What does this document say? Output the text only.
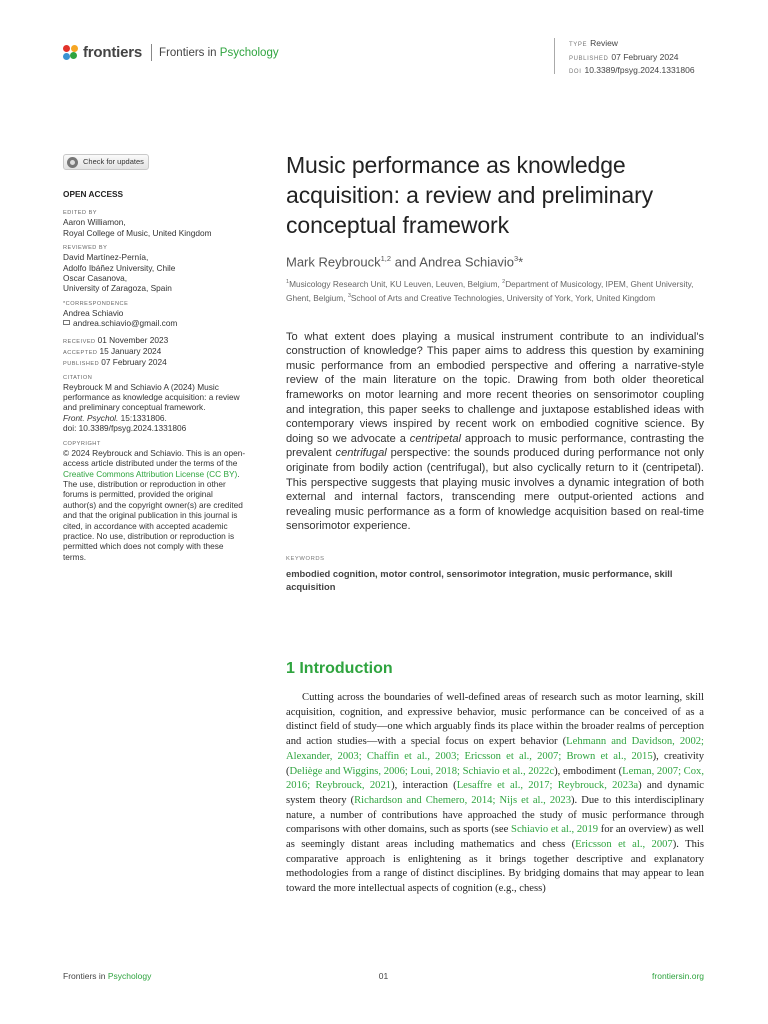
frontiers Frontiers in Psychology
TYPE Review
PUBLISHED 07 February 2024
DOI 10.3389/fpsyg.2024.1331806
Check for updates
OPEN ACCESS
EDITED BY
Aaron Williamon,
Royal College of Music, United Kingdom
REVIEWED BY
David Martínez-Pernía,
Adolfo Ibáñez University, Chile
Oscar Casanova,
University of Zaragoza, Spain
*CORRESPONDENCE
Andrea Schiavio
andrea.schiavio@gmail.com
RECEIVED 01 November 2023
ACCEPTED 15 January 2024
PUBLISHED 07 February 2024
CITATION
Reybrouck M and Schiavio A (2024) Music performance as knowledge acquisition: a review and preliminary conceptual framework.
Front. Psychol. 15:1331806.
doi: 10.3389/fpsyg.2024.1331806
COPYRIGHT
© 2024 Reybrouck and Schiavio. This is an open-access article distributed under the terms of the Creative Commons Attribution License (CC BY). The use, distribution or reproduction in other forums is permitted, provided the original author(s) and the copyright owner(s) are credited and that the original publication in this journal is cited, in accordance with accepted academic practice. No use, distribution or reproduction is permitted which does not comply with these terms.
Music performance as knowledge acquisition: a review and preliminary conceptual framework
Mark Reybrouck$^{1,2}$ and Andrea Schiavio$^3$*
$^1$Musicology Research Unit, KU Leuven, Leuven, Belgium, $^2$Department of Musicology, IPEM, Ghent University, Ghent, Belgium, $^3$School of Arts and Creative Technologies, University of York, York, United Kingdom
To what extent does playing a musical instrument contribute to an individual's construction of knowledge? This paper aims to address this question by examining music performance from an embodied perspective and offering a narrative-style review of the main literature on the topic. Drawing from both older theoretical frameworks on motor learning and more recent theories on sensorimotor coupling and integration, this paper seeks to challenge and juxtapose established ideas with contemporary views inspired by recent work on embodied cognitive science. By doing so we advocate a centripetal approach to music performance, contrasting the prevalent centrifugal perspective: the sounds produced during performance not only originate from bodily action (centrifugal), but also cyclically return to it (centripetal). This perspective suggests that playing music involves a dynamic integration of both external and internal factors, transcending mere output-oriented actions and revealing music performance as a form of knowledge acquisition based on real-time sensorimotor experience.
KEYWORDS
embodied cognition, motor control, sensorimotor integration, music performance, skill acquisition
1 Introduction

Cutting across the boundaries of well-defined areas of research such as motor learning, skill acquisition, cognition, and expressive behavior, music performance can be conceived of as a distinct field of study—one which arguably finds its place within the broader realms of perception and action studies—with a special focus on expert behavior (Lehmann and Davidson, 2002; Alexander, 2003; Chaffin et al., 2003; Ericsson et al., 2007; Brown et al., 2015), creativity (Deliège and Wiggins, 2006; Loui, 2018; Schiavio et al., 2022c), embodiment (Leman, 2007; Cox, 2016; Reybrouck, 2021), interaction (Lesaffre et al., 2017; Reybrouck, 2023a) and dynamic system theory (Richardson and Chemero, 2014; Nijs et al., 2023). Due to this interdisciplinary nature, a number of contributions have approached the study of music performance through comparisons with other domains, such as sports (see Schiavio et al., 2019 for an overview) as well as seemingly distant areas including mathematics and chess (Ericsson et al., 2007). This comparative approach is enlightening as it brings together descriptive and explanatory methodologies from a range of distinct disciplines. By bridging domains that may appear to lean toward the more intellectual aspects of cognition (e.g., chess)

Frontiers in Psychology	01	frontiersin.org
